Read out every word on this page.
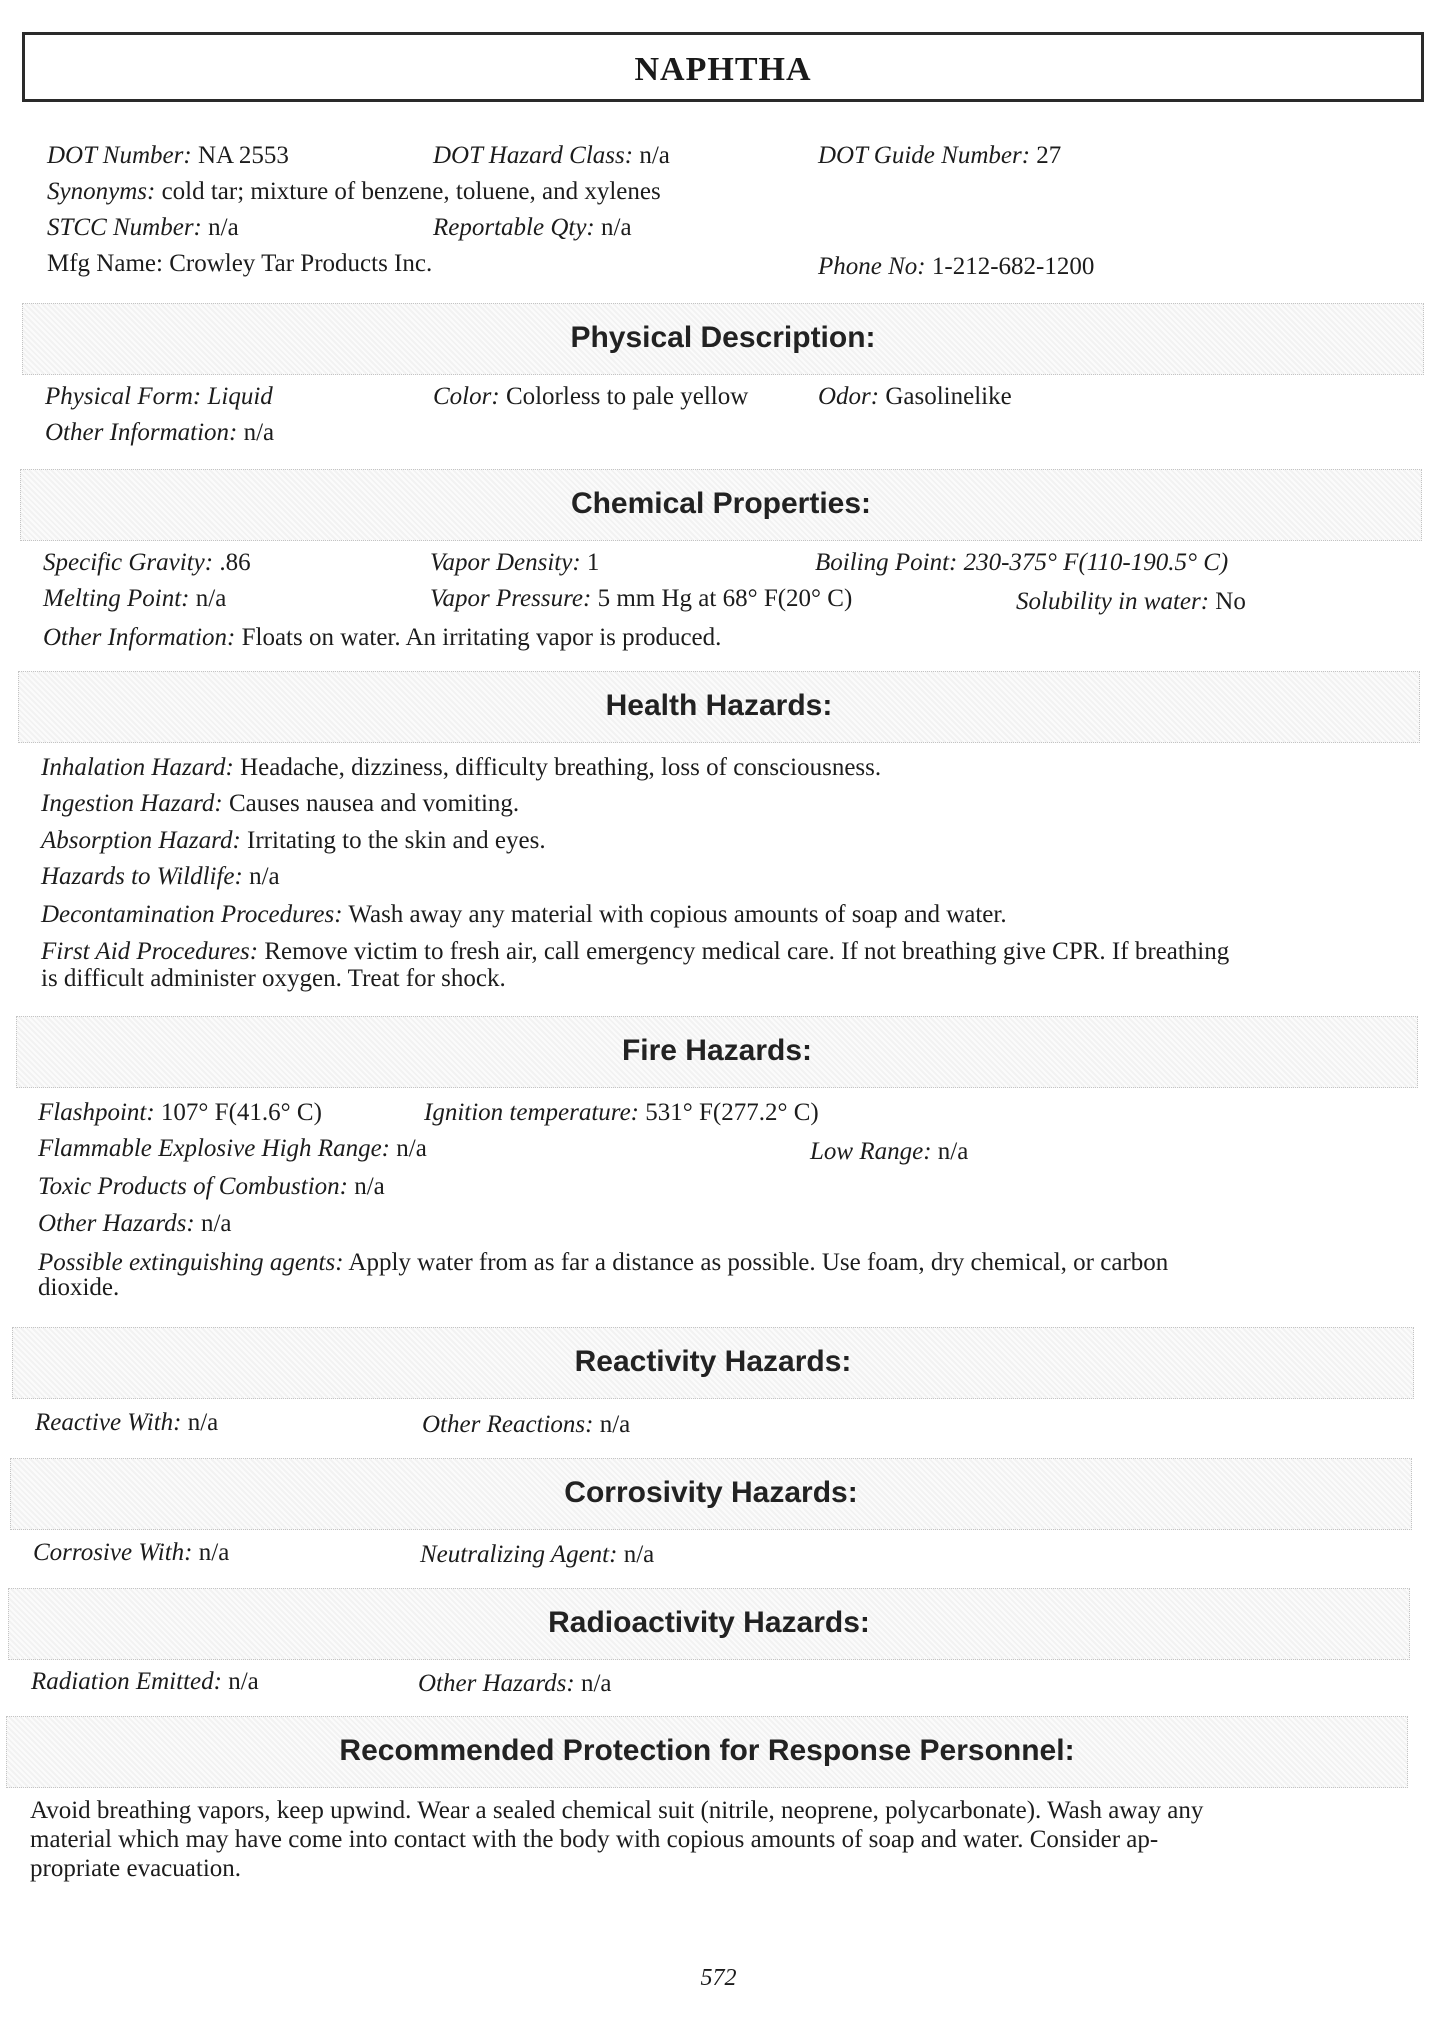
NAPHTHA
DOT Number: NA 2553	DOT Hazard Class: n/a	DOT Guide Number: 27
Synonyms: cold tar; mixture of benzene, toluene, and xylenes
STCC Number: n/a	Reportable Qty: n/a
Mfg Name: Crowley Tar Products Inc.	Phone No: 1-212-682-1200
Physical Description:
Physical Form: Liquid	Color: Colorless to pale yellow	Odor: Gasolinelike
Other Information: n/a
Chemical Properties:
Specific Gravity: .86	Vapor Density: 1	Boiling Point: 230-375° F(110-190.5° C)
Melting Point: n/a	Vapor Pressure: 5 mm Hg at 68° F(20° C)	Solubility in water: No
Other Information: Floats on water. An irritating vapor is produced.
Health Hazards:
Inhalation Hazard: Headache, dizziness, difficulty breathing, loss of consciousness.
Ingestion Hazard: Causes nausea and vomiting.
Absorption Hazard: Irritating to the skin and eyes.
Hazards to Wildlife: n/a
Decontamination Procedures: Wash away any material with copious amounts of soap and water.
First Aid Procedures: Remove victim to fresh air, call emergency medical care. If not breathing give CPR. If breathing
is difficult administer oxygen. Treat for shock.
Fire Hazards:
Flashpoint: 107° F(41.6° C)	Ignition temperature: 531° F(277.2° C)
Flammable Explosive High Range: n/a	Low Range: n/a
Toxic Products of Combustion: n/a
Other Hazards: n/a
Possible extinguishing agents: Apply water from as far a distance as possible. Use foam, dry chemical, or carbon
dioxide.
Reactivity Hazards:
Reactive With: n/a	Other Reactions: n/a
Corrosivity Hazards:
Corrosive With: n/a	Neutralizing Agent: n/a
Radioactivity Hazards:
Radiation Emitted: n/a	Other Hazards: n/a
Recommended Protection for Response Personnel:
Avoid breathing vapors, keep upwind. Wear a sealed chemical suit (nitrile, neoprene, polycarbonate). Wash away any
material which may have come into contact with the body with copious amounts of soap and water. Consider ap-
propriate evacuation.
572
